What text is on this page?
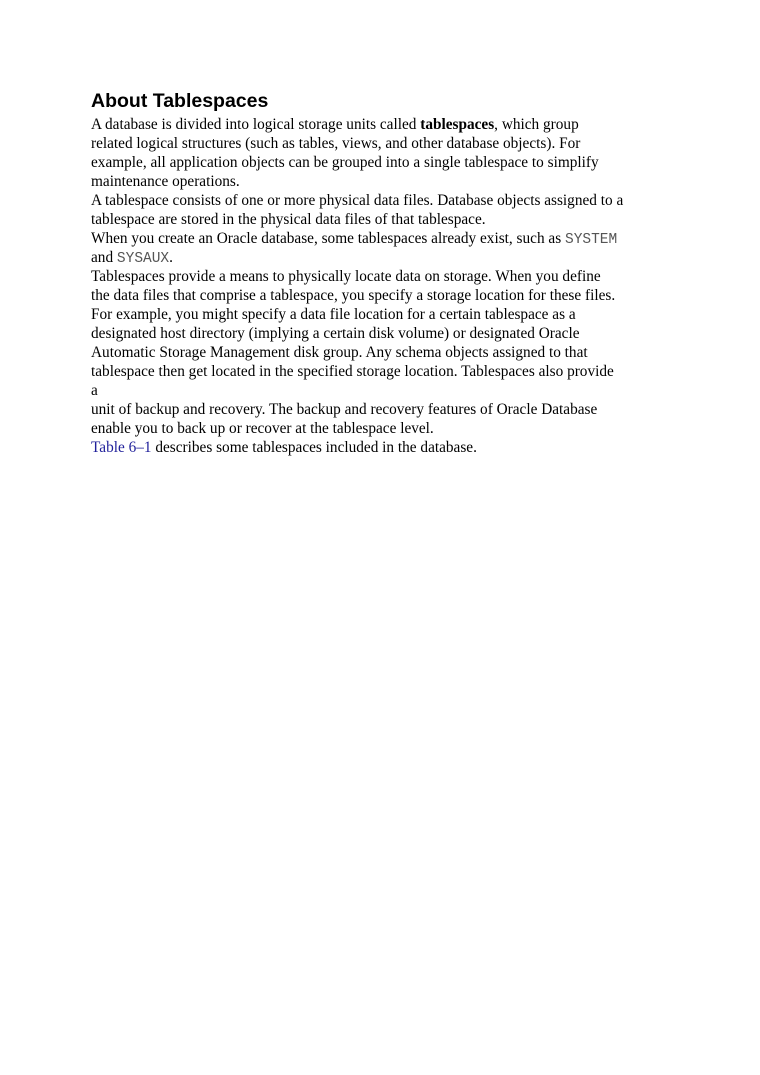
About Tablespaces
A database is divided into logical storage units called tablespaces, which group
related logical structures (such as tables, views, and other database objects). For
example, all application objects can be grouped into a single tablespace to simplify
maintenance operations.
A tablespace consists of one or more physical data files. Database objects assigned to a
tablespace are stored in the physical data files of that tablespace.
When you create an Oracle database, some tablespaces already exist, such as SYSTEM
and SYSAUX.
Tablespaces provide a means to physically locate data on storage. When you define
the data files that comprise a tablespace, you specify a storage location for these files.
For example, you might specify a data file location for a certain tablespace as a
designated host directory (implying a certain disk volume) or designated Oracle
Automatic Storage Management disk group. Any schema objects assigned to that
tablespace then get located in the specified storage location. Tablespaces also provide
a
unit of backup and recovery. The backup and recovery features of Oracle Database
enable you to back up or recover at the tablespace level.
Table 6–1 describes some tablespaces included in the database.
